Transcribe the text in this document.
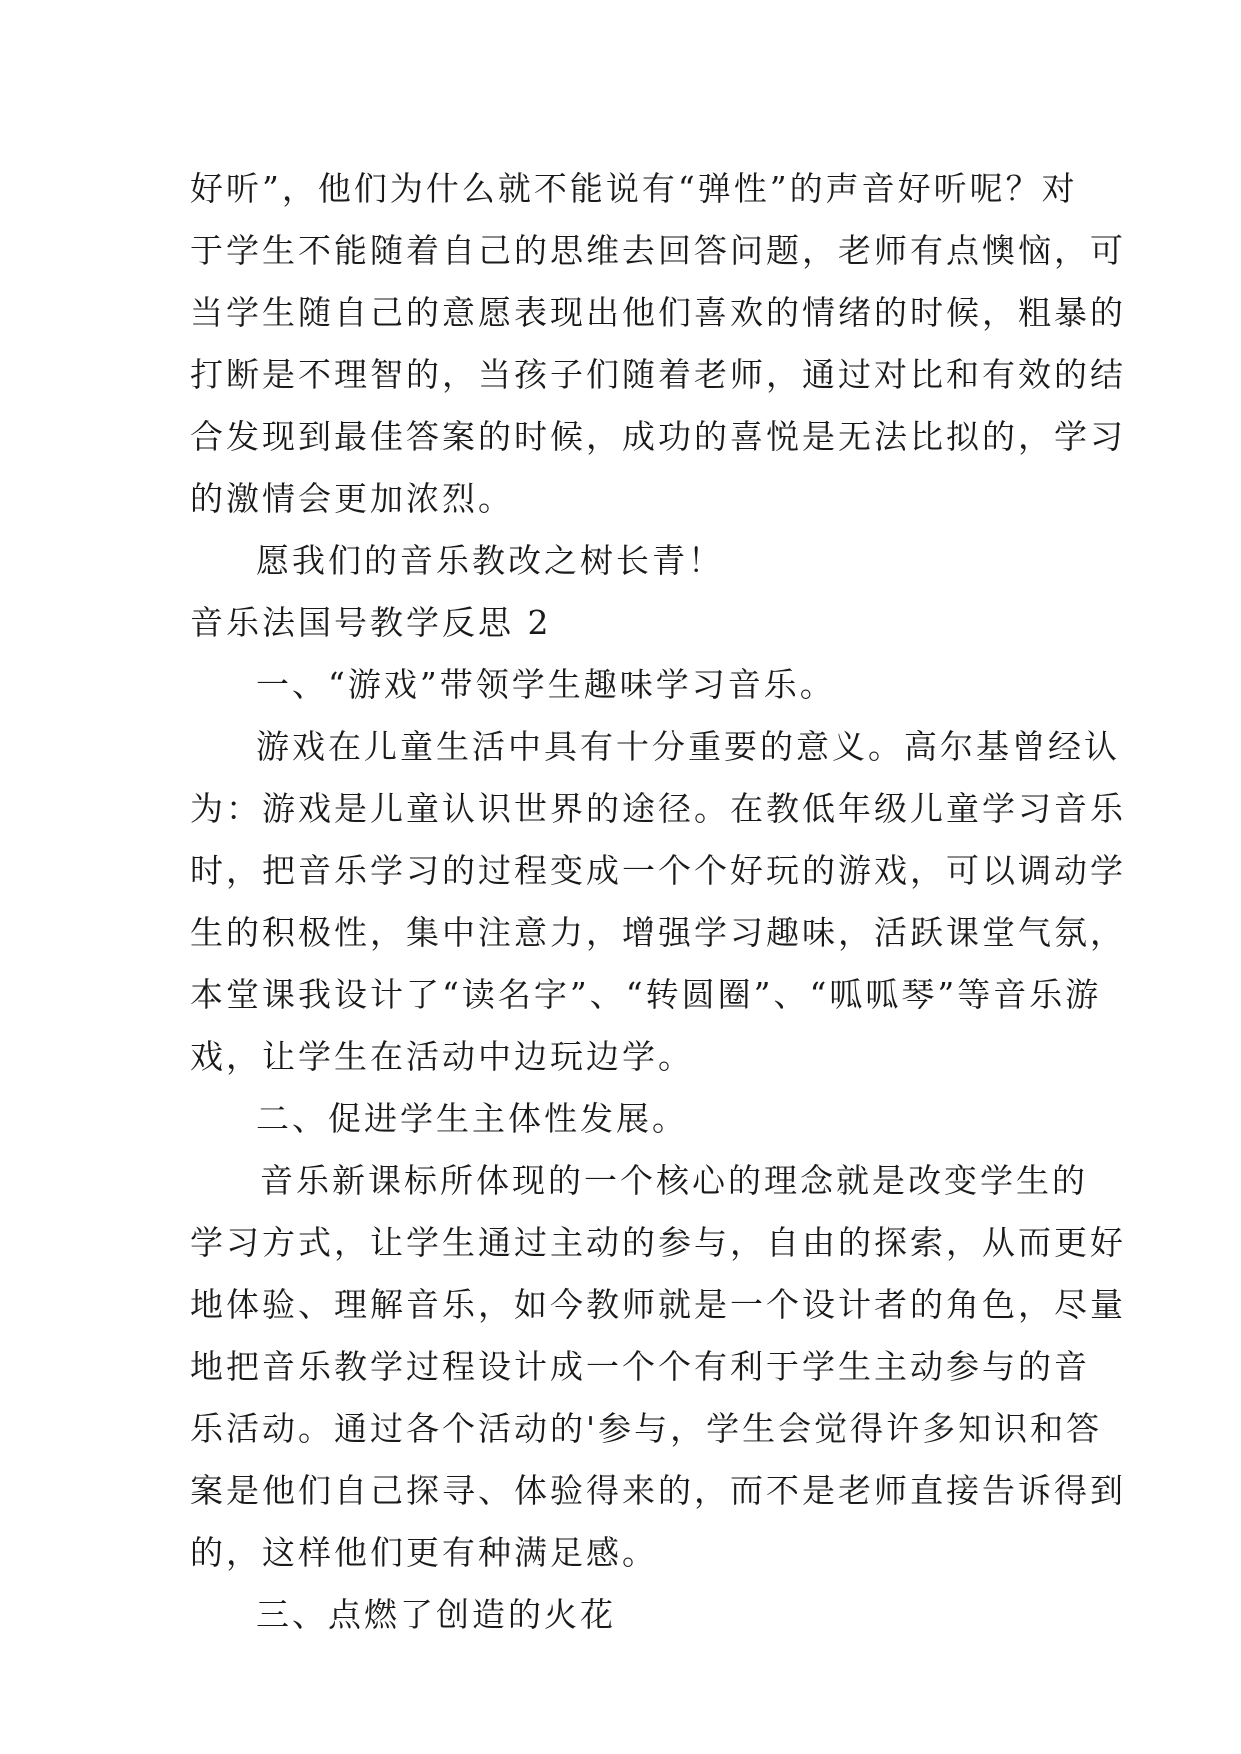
好听”，他们为什么就不能说有“弹性”的声音好听呢？对
于学生不能随着自己的思维去回答问题，老师有点懊恼，可
当学生随自己的意愿表现出他们喜欢的情绪的时候，粗暴的
打断是不理智的，当孩子们随着老师，通过对比和有效的结
合发现到最佳答案的时候，成功的喜悦是无法比拟的，学习
的激情会更加浓烈。
愿我们的音乐教改之树长青！
音乐法国号教学反思 2
一、“游戏”带领学生趣味学习音乐。
游戏在儿童生活中具有十分重要的意义。高尔基曾经认
为：游戏是儿童认识世界的途径。在教低年级儿童学习音乐
时，把音乐学习的过程变成一个个好玩的游戏，可以调动学
生的积极性，集中注意力，增强学习趣味，活跃课堂气氛，
本堂课我设计了“读名字”、“转圆圈”、“呱呱琴”等音乐游
戏，让学生在活动中边玩边学。
二、促进学生主体性发展。
音乐新课标所体现的一个核心的理念就是改变学生的
学习方式，让学生通过主动的参与，自由的探索，从而更好
地体验、理解音乐，如今教师就是一个设计者的角色，尽量
地把音乐教学过程设计成一个个有利于学生主动参与的音
乐活动。通过各个活动的'参与，学生会觉得许多知识和答
案是他们自己探寻、体验得来的，而不是老师直接告诉得到
的，这样他们更有种满足感。
三、点燃了创造的火花
